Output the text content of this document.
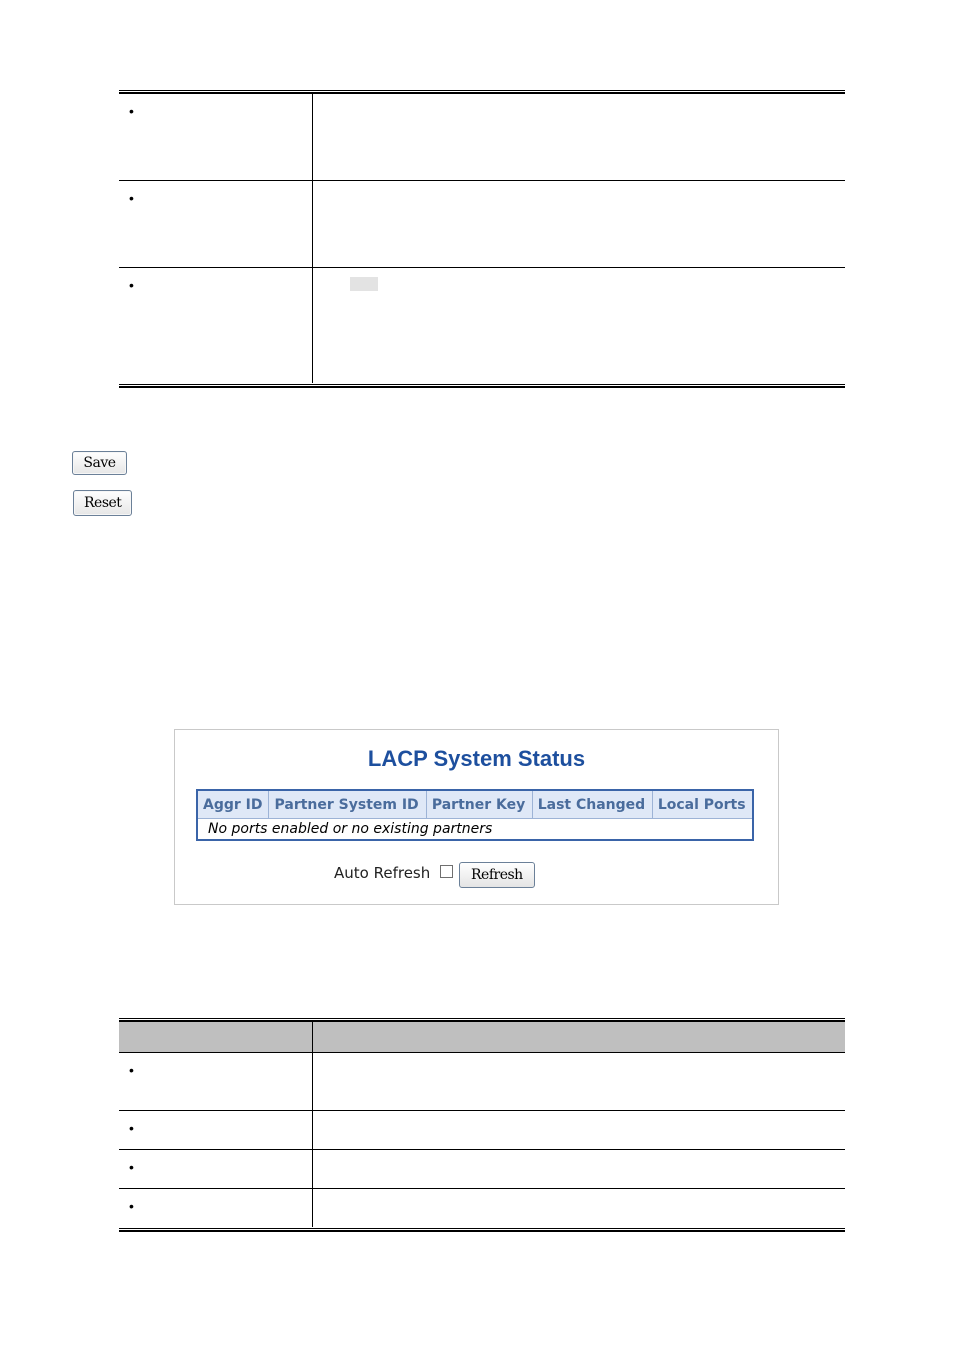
•	
•	
•	
Save
Reset
LACP System Status
Aggr ID	Partner System ID	Partner Key	Last Changed	Local Ports
No ports enabled or no existing partners
Auto Refresh	Refresh

•	
•	
•	
•	
